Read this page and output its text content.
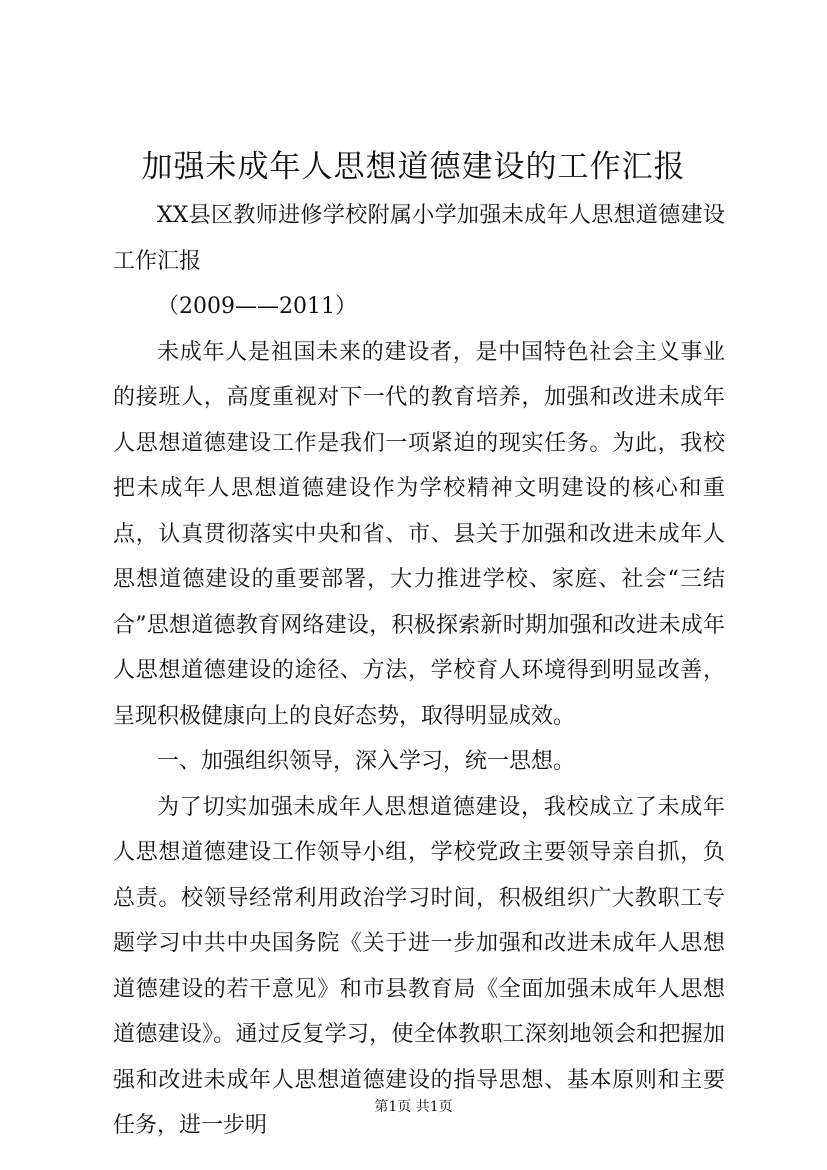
加强未成年人思想道德建设的工作汇报

XX县区教师进修学校附属小学加强未成年人思想道德建设工作汇报

（2009——2011）

未成年人是祖国未来的建设者，是中国特色社会主义事业的接班人，高度重视对下一代的教育培养，加强和改进未成年人思想道德建设工作是我们一项紧迫的现实任务。为此，我校把未成年人思想道德建设作为学校精神文明建设的核心和重点，认真贯彻落实中央和省、市、县关于加强和改进未成年人思想道德建设的重要部署，大力推进学校、家庭、社会“三结合”思想道德教育网络建设，积极探索新时期加强和改进未成年人思想道德建设的途径、方法，学校育人环境得到明显改善，呈现积极健康向上的良好态势，取得明显成效。

一、加强组织领导，深入学习，统一思想。

为了切实加强未成年人思想道德建设，我校成立了未成年人思想道德建设工作领导小组，学校党政主要领导亲自抓，负总责。校领导经常利用政治学习时间，积极组织广大教职工专题学习中共中央国务院《关于进一步加强和改进未成年人思想道德建设的若干意见》和市县教育局《全面加强未成年人思想道德建设》。通过反复学习，使全体教职工深刻地领会和把握加强和改进未成年人思想道德建设的指导思想、基本原则和主要任务，进一步明

第1页 共1页
